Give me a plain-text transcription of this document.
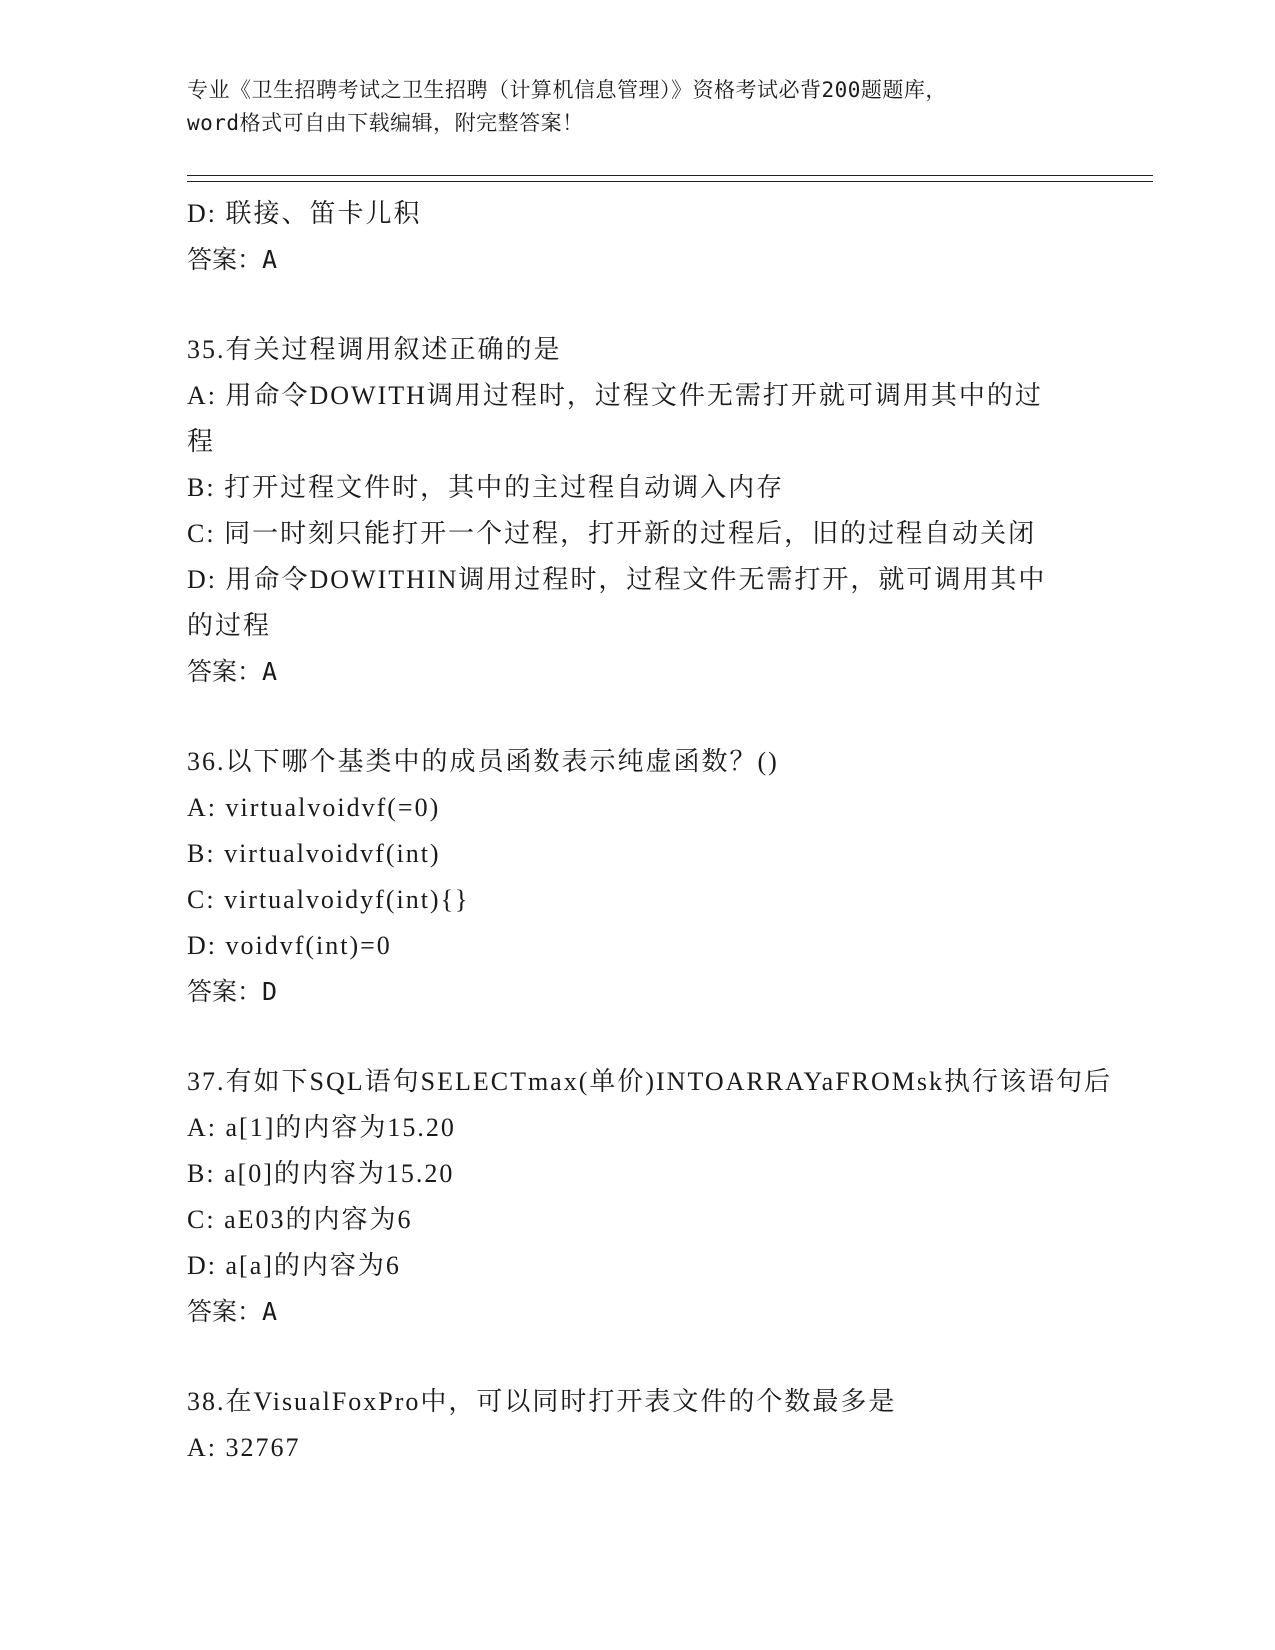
专业《卫生招聘考试之卫生招聘（计算机信息管理）》资格考试必背200题题库，
word格式可自由下载编辑，附完整答案！
D: 联接、笛卡儿积
答案：A
35.有关过程调用叙述正确的是
A: 用命令DOWITH调用过程时，过程文件无需打开就可调用其中的过
程
B: 打开过程文件时，其中的主过程自动调入内存
C: 同一时刻只能打开一个过程，打开新的过程后，旧的过程自动关闭
D: 用命令DOWITHIN调用过程时，过程文件无需打开，就可调用其中
的过程
答案：A
36.以下哪个基类中的成员函数表示纯虚函数？()
A: virtualvoidvf(=0)
B: virtualvoidvf(int)
C: virtualvoidyf(int){}
D: voidvf(int)=0
答案：D
37.有如下SQL语句SELECTmax(单价)INTOARRAYaFROMsk执行该语句后
A: a[1]的内容为15.20
B: a[0]的内容为15.20
C: aE03的内容为6
D: a[a]的内容为6
答案：A
38.在VisualFoxPro中，可以同时打开表文件的个数最多是
A: 32767
